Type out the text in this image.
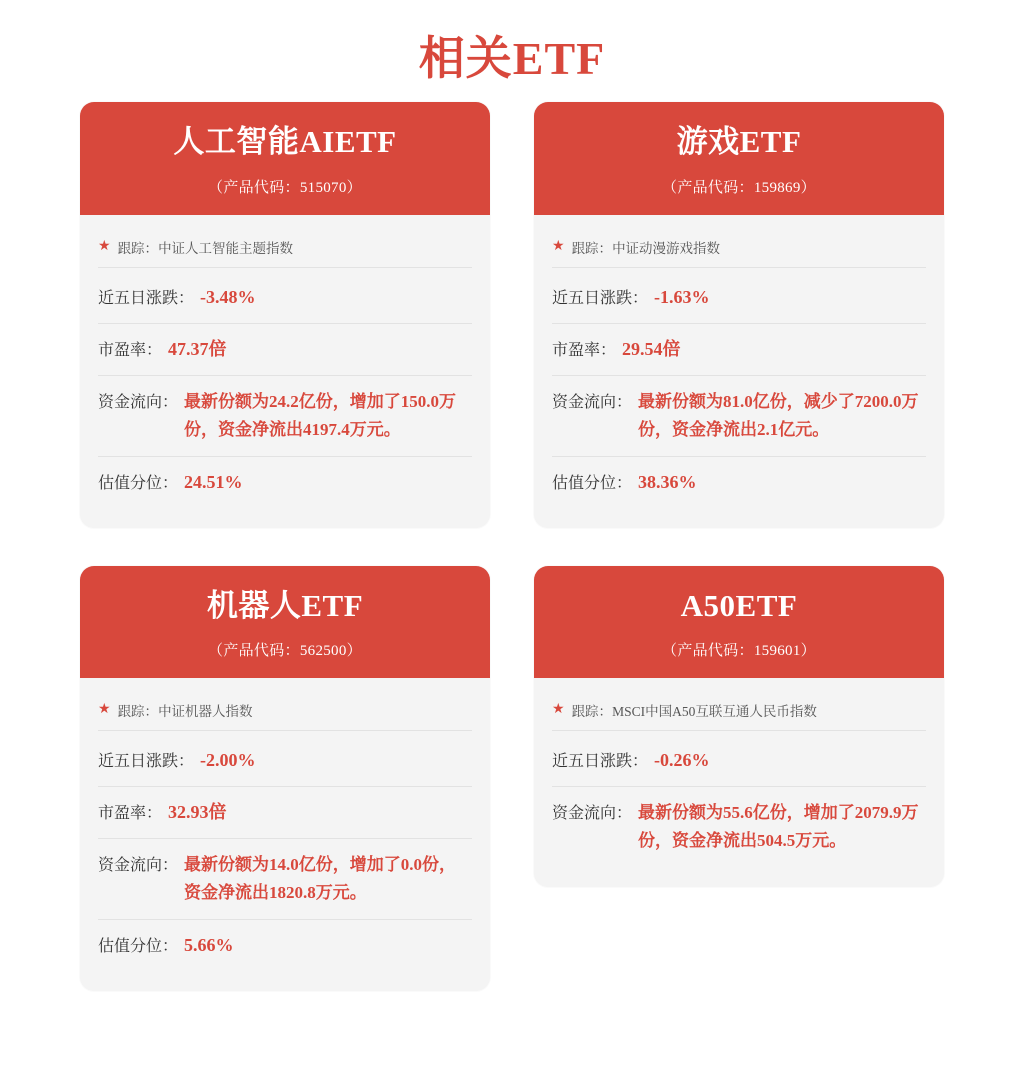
相关ETF
人工智能AIETF
（产品代码：515070）
★ 跟踪：中证人工智能主题指数
近五日涨跌： -3.48%
市盈率： 47.37倍
资金流向： 最新份额为24.2亿份，增加了150.0万份，资金净流出4197.4万元。
估值分位： 24.51%
游戏ETF
（产品代码：159869）
★ 跟踪：中证动漫游戏指数
近五日涨跌： -1.63%
市盈率： 29.54倍
资金流向： 最新份额为81.0亿份，减少了7200.0万份，资金净流出2.1亿元。
估值分位： 38.36%
机器人ETF
（产品代码：562500）
★ 跟踪：中证机器人指数
近五日涨跌： -2.00%
市盈率： 32.93倍
资金流向： 最新份额为14.0亿份，增加了0.0份，资金净流出1820.8万元。
估值分位： 5.66%
A50ETF
（产品代码：159601）
★ 跟踪：MSCI中国A50互联互通人民币指数
近五日涨跌： -0.26%
资金流向： 最新份额为55.6亿份，增加了2079.9万份，资金净流出504.5万元。
